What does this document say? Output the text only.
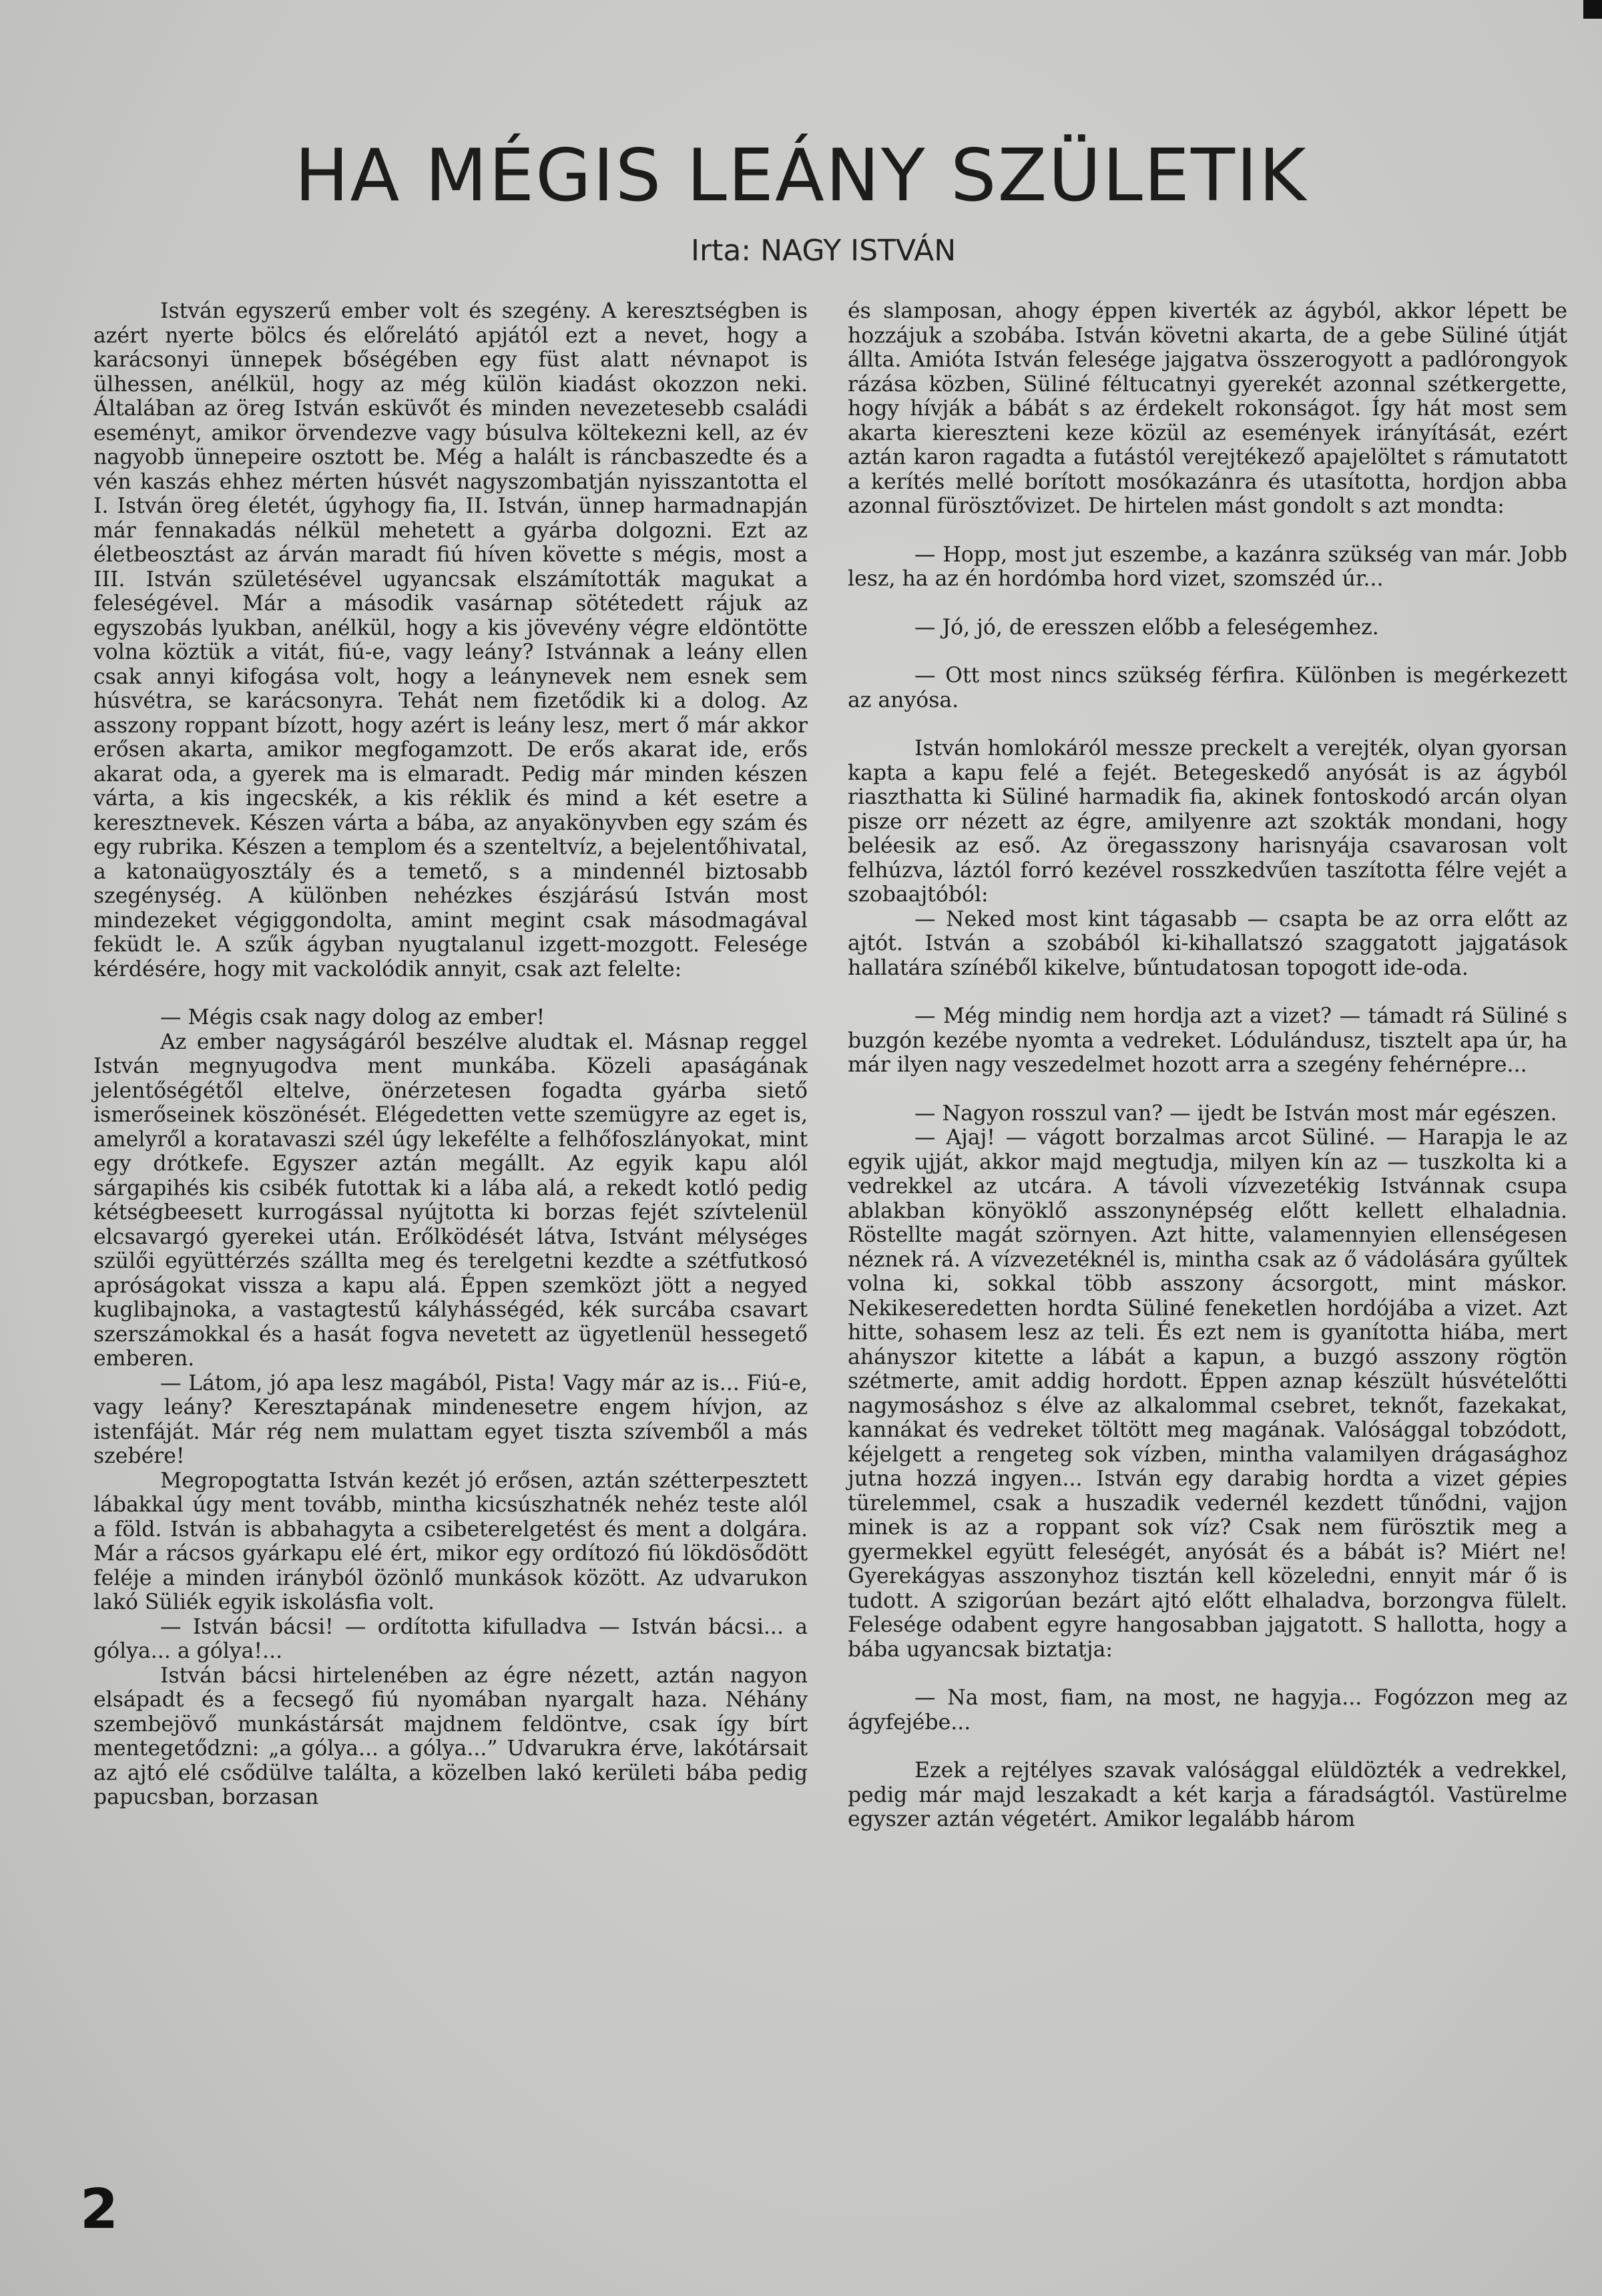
HA MÉGIS LEÁNY SZÜLETIK

Irta: NAGY ISTVÁN

István egyszerű ember volt és szegény. A keresztségben is azért nyerte bölcs és előrelátó apjától ezt a nevet, hogy a karácsonyi ünnepek bőségében egy füst alatt névnapot is ülhessen, anélkül, hogy az még külön kiadást okozzon neki. Általában az öreg István esküvőt és minden nevezetesebb családi eseményt, amikor örvendezve vagy búsulva költekezni kell, az év nagyobb ünnepeire osztott be. Még a halált is ráncbaszedte és a vén kaszás ehhez mérten húsvét nagyszombatján nyisszantotta el I. István öreg életét, úgyhogy fia, II. István, ünnep harmadnapján már fennakadás nélkül mehetett a gyárba dolgozni. Ezt az életbeosztást az árván maradt fiú híven követte s mégis, most a III. István születésével ugyancsak elszámították magukat a feleségével. Már a második vasárnap sötétedett rájuk az egyszobás lyukban, anélkül, hogy a kis jövevény végre eldöntötte volna köztük a vitát, fiú-e, vagy leány? Istvánnak a leány ellen csak annyi kifogása volt, hogy a leánynevek nem esnek sem húsvétra, se karácsonyra. Tehát nem fizetődik ki a dolog. Az asszony roppant bízott, hogy azért is leány lesz, mert ő már akkor erősen akarta, amikor megfogamzott. De erős akarat ide, erős akarat oda, a gyerek ma is elmaradt. Pedig már minden készen várta, a kis ingecskék, a kis réklik és mind a két esetre a keresztnevek. Készen várta a bába, az anyakönyvben egy szám és egy rubrika. Készen a templom és a szenteltvíz, a bejelentőhivatal, a katonaügyosztály és a temető, s a mindennél biztosabb szegénység. A különben nehézkes észjárású István most mindezeket végiggondolta, amint megint csak másodmagával feküdt le. A szűk ágyban nyugtalanul izgett-mozgott. Felesége kérdésére, hogy mit vackolódik annyit, csak azt felelte:

— Mégis csak nagy dolog az ember!

Az ember nagyságáról beszélve aludtak el. Másnap reggel István megnyugodva ment munkába. Közeli apaságának jelentőségétől eltelve, önérzetesen fogadta gyárba siető ismerőseinek köszönését. Elégedetten vette szemügyre az eget is, amelyről a koratavaszi szél úgy lekefélte a felhőfoszlányokat, mint egy drótkefe. Egyszer aztán megállt. Az egyik kapu alól sárgapihés kis csibék futottak ki a lába alá, a rekedt kotló pedig kétségbeesett kurrogással nyújtotta ki borzas fejét szívtelenül elcsavargó gyerekei után. Erőlködését látva, Istvánt mélységes szülői együttérzés szállta meg és terelgetni kezdte a szétfutkosó apróságokat vissza a kapu alá. Éppen szemközt jött a negyed kuglibajnoka, a vastagtestű kályhásségéd, kék surcába csavart szerszámokkal és a hasát fogva nevetett az ügyetlenül hessegető emberen.

— Látom, jó apa lesz magából, Pista! Vagy már az is... Fiú-e, vagy leány? Keresztapának mindenesetre engem hívjon, az istenfáját. Már rég nem mulattam egyet tiszta szívemből a más szebére!

Megropogtatta István kezét jó erősen, aztán szétterpesztett lábakkal úgy ment tovább, mintha kicsúszhatnék nehéz teste alól a föld. István is abbahagyta a csibeterelgetést és ment a dolgára. Már a rácsos gyárkapu elé ért, mikor egy ordítozó fiú lökdösődött feléje a minden irányból özönlő munkások között. Az udvarukon lakó Süliék egyik iskolásfia volt.

— István bácsi! — ordította kifulladva — István bácsi... a gólya... a gólya!...

István bácsi hirtelenében az égre nézett, aztán nagyon elsápadt és a fecsegő fiú nyomában nyargalt haza. Néhány szembejövő munkástársát majdnem feldöntve, csak így bírt mentegetődzni: „a gólya... a gólya...” Udvarukra érve, lakótársait az ajtó elé csődülve találta, a közelben lakó kerületi bába pedig papucsban, borzasan

és slamposan, ahogy éppen kiverték az ágyból, akkor lépett be hozzájuk a szobába. István követni akarta, de a gebe Süliné útját állta. Amióta István felesége jajgatva összerogyott a padlórongyok rázása közben, Süliné féltucatnyi gyerekét azonnal szétkergette, hogy hívják a bábát s az érdekelt rokonságot. Így hát most sem akarta kiereszteni keze közül az események irányítását, ezért aztán karon ragadta a futástól verejtékező apajelöltet s rámutatott a kerítés mellé borított mosókazánra és utasította, hordjon abba azonnal fürösztővizet. De hirtelen mást gondolt s azt mondta:

— Hopp, most jut eszembe, a kazánra szükség van már. Jobb lesz, ha az én hordómba hord vizet, szomszéd úr...

— Jó, jó, de eresszen előbb a feleségemhez.

— Ott most nincs szükség férfira. Különben is megérkezett az anyósa.

István homlokáról messze preckelt a verejték, olyan gyorsan kapta a kapu felé a fejét. Betegeskedő anyósát is az ágyból riaszthatta ki Süliné harmadik fia, akinek fontoskodó arcán olyan pisze orr nézett az égre, amilyenre azt szokták mondani, hogy beléesik az eső. Az öregasszony harisnyája csavarosan volt felhúzva, láztól forró kezével rosszkedvűen taszította félre vejét a szobaajtóból:

— Neked most kint tágasabb — csapta be az orra előtt az ajtót. István a szobából ki-kihallatszó szaggatott jajgatások hallatára színéből kikelve, bűntudatosan topogott ide-oda.

— Még mindig nem hordja azt a vizet? — támadt rá Süliné s buzgón kezébe nyomta a vedreket. Lódulándusz, tisztelt apa úr, ha már ilyen nagy veszedelmet hozott arra a szegény fehérnépre...

— Nagyon rosszul van? — ijedt be István most már egészen.

— Ajaj! — vágott borzalmas arcot Süliné. — Harapja le az egyik ujját, akkor majd megtudja, milyen kín az — tuszkolta ki a vedrekkel az utcára. A távoli vízvezetékig Istvánnak csupa ablakban könyöklő asszonynépség előtt kellett elhaladnia. Röstellte magát szörnyen. Azt hitte, valamennyien ellenségesen néznek rá. A vízvezetéknél is, mintha csak az ő vádolására gyűltek volna ki, sokkal több asszony ácsorgott, mint máskor. Nekikeseredetten hordta Süliné feneketlen hordójába a vizet. Azt hitte, sohasem lesz az teli. És ezt nem is gyanította hiába, mert ahányszor kitette a lábát a kapun, a buzgó asszony rögtön szétmerte, amit addig hordott. Éppen aznap készült húsvételőtti nagymosáshoz s élve az alkalommal csebret, teknőt, fazekakat, kannákat és vedreket töltött meg magának. Valósággal tobzódott, kéjelgett a rengeteg sok vízben, mintha valamilyen drágasághoz jutna hozzá ingyen... István egy darabig hordta a vizet gépies türelemmel, csak a huszadik vedernél kezdett tűnődni, vajjon minek is az a roppant sok víz? Csak nem fürösztik meg a gyermekkel együtt feleségét, anyósát és a bábát is? Miért ne! Gyerekágyas asszonyhoz tisztán kell közeledni, ennyit már ő is tudott. A szigorúan bezárt ajtó előtt elhaladva, borzongva fülelt. Felesége odabent egyre hangosabban jajgatott. S hallotta, hogy a bába ugyancsak biztatja:

— Na most, fiam, na most, ne hagyja... Fogózzon meg az ágyfejébe...

Ezek a rejtélyes szavak valósággal elüldözték a vedrekkel, pedig már majd leszakadt a két karja a fáradságtól. Vastürelme egyszer aztán végetért. Amikor legalább három

2
